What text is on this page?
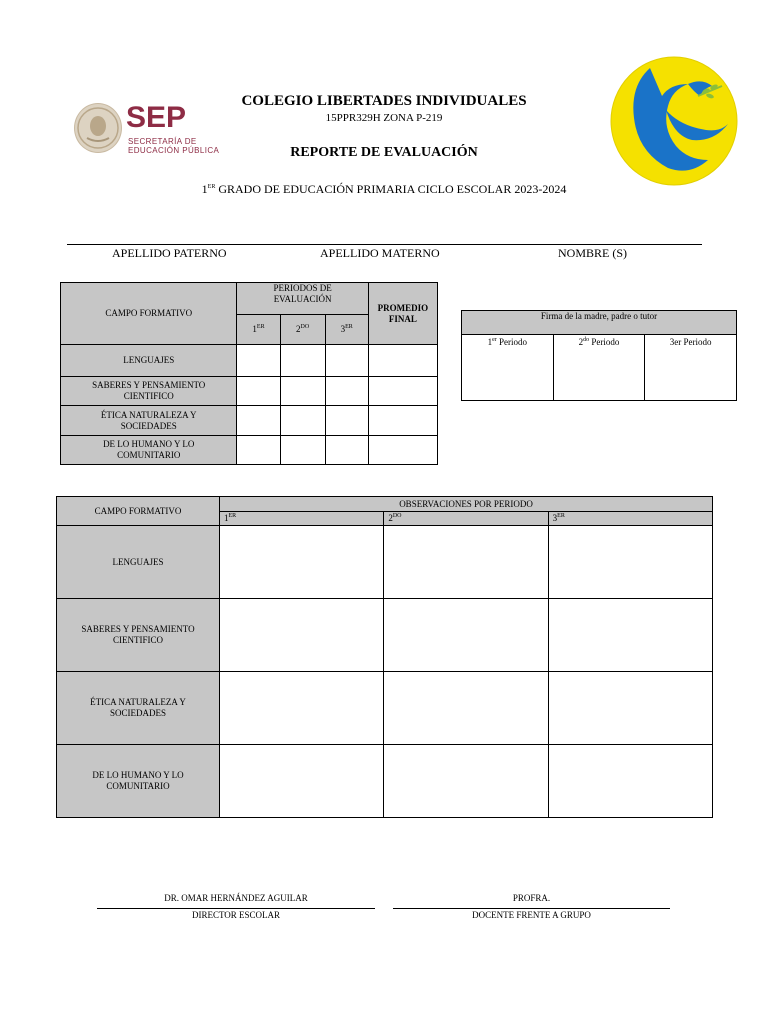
SEP
SECRETARÍA DE
EDUCACIÓN PÚBLICA
COLEGIO LIBERTADES INDIVIDUALES
15PPR329H ZONA P-219
REPORTE DE EVALUACIÓN
1ER GRADO DE EDUCACIÓN PRIMARIA CICLO ESCOLAR 2023-2024
APELLIDO PATERNO	APELLIDO MATERNO	NOMBRE (S)
CAMPO FORMATIVO	PERIODOS DE EVALUACIÓN			PROMEDIO FINAL
	1ER	$2^{DO}$	3ER
LENGUAJES				
SABERES Y PENSAMIENTO CIENTIFICO				
ÉTICA NATURALEZA Y SOCIEDADES				
DE LO HUMANO Y LO COMUNITARIO				
Firma de la madre, padre o tutor
1er Periodo	$2^{do}$ Periodo	3er Periodo
CAMPO FORMATIVO	OBSERVACIONES POR PERIODO		
	1ER	$2^{DO}$	3ER
LENGUAJES			
SABERES Y PENSAMIENTO CIENTIFICO			
ÉTICA NATURALEZA Y SOCIEDADES			
DE LO HUMANO Y LO COMUNITARIO			
DR. OMAR HERNÁNDEZ AGUILAR
DIRECTOR ESCOLAR
PROFRA.
DOCENTE FRENTE A GRUPO
